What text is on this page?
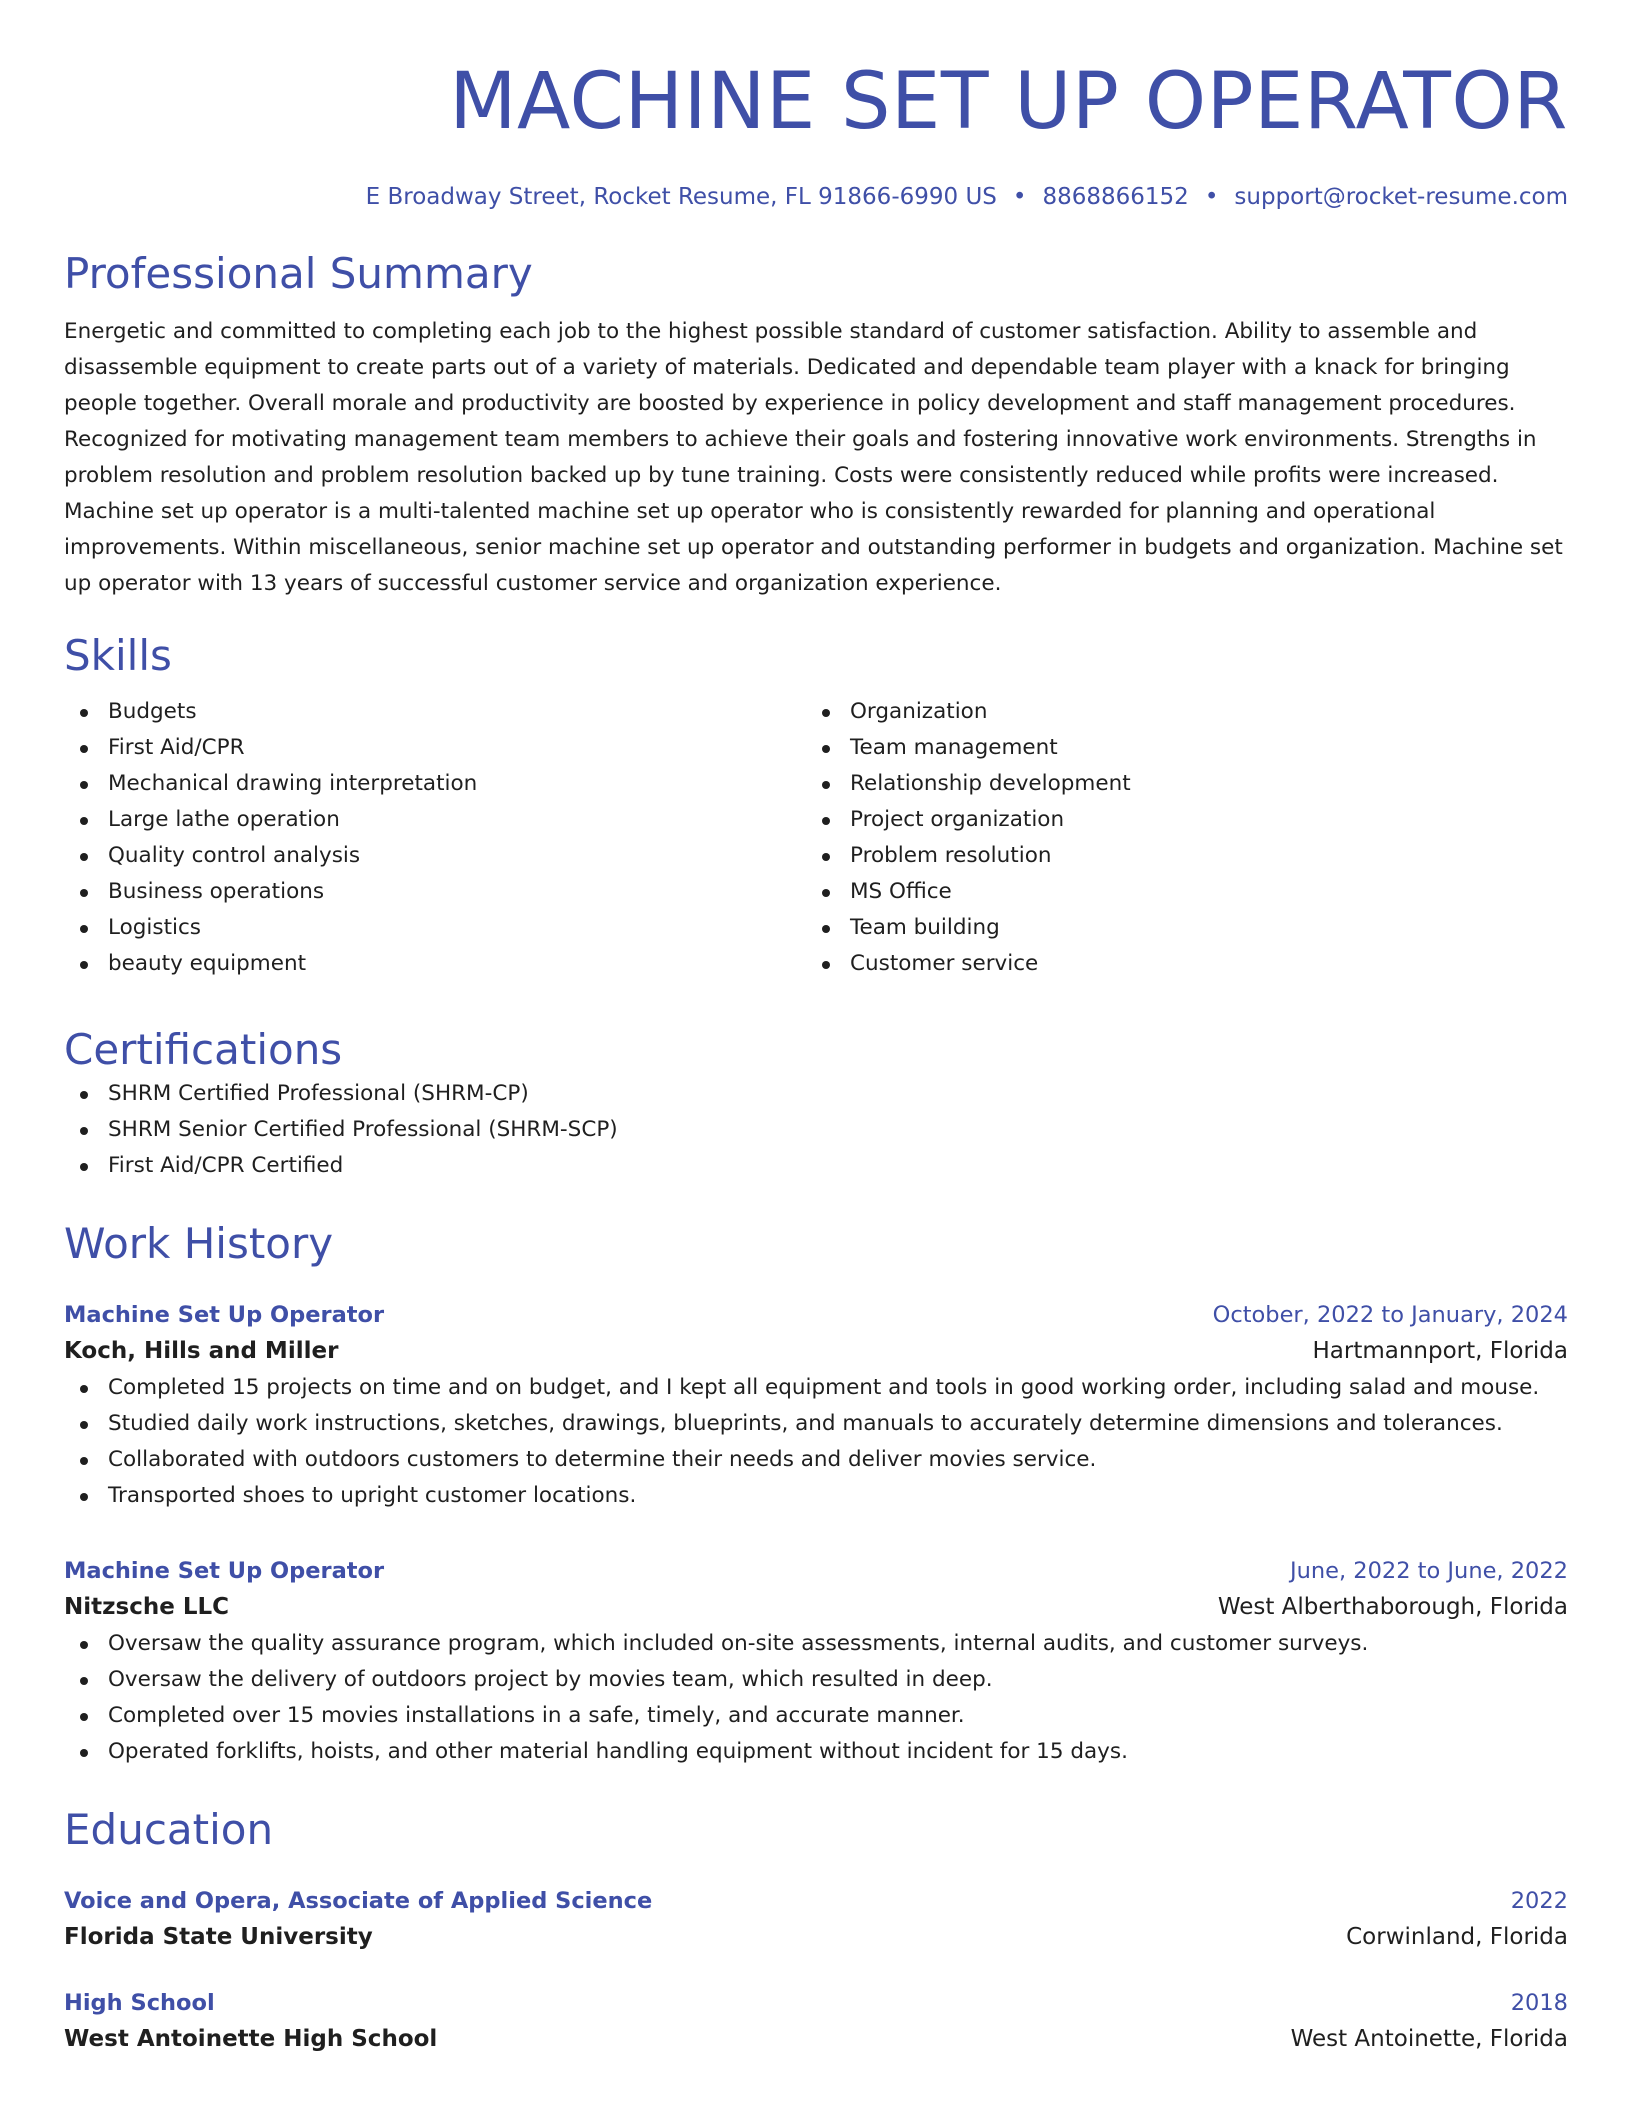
MACHINE SET UP OPERATOR
E Broadway Street, Rocket Resume, FL 91866-6990 US • 8868866152 • support@rocket-resume.com
Professional Summary
Energetic and committed to completing each job to the highest possible standard of customer satisfaction. Ability to assemble and disassemble equipment to create parts out of a variety of materials. Dedicated and dependable team player with a knack for bringing people together. Overall morale and productivity are boosted by experience in policy development and staff management procedures. Recognized for motivating management team members to achieve their goals and fostering innovative work environments. Strengths in problem resolution and problem resolution backed up by tune training. Costs were consistently reduced while profits were increased. Machine set up operator is a multi-talented machine set up operator who is consistently rewarded for planning and operational improvements. Within miscellaneous, senior machine set up operator and outstanding performer in budgets and organization. Machine set up operator with 13 years of successful customer service and organization experience.
Skills
Budgets
First Aid/CPR
Mechanical drawing interpretation
Large lathe operation
Quality control analysis
Business operations
Logistics
beauty equipment
Organization
Team management
Relationship development
Project organization
Problem resolution
MS Office
Team building
Customer service
Certifications
SHRM Certified Professional (SHRM-CP)
SHRM Senior Certified Professional (SHRM-SCP)
First Aid/CPR Certified
Work History
Machine Set Up Operator	October, 2022 to January, 2024
Koch, Hills and Miller	Hartmannport, Florida
Completed 15 projects on time and on budget, and I kept all equipment and tools in good working order, including salad and mouse.
Studied daily work instructions, sketches, drawings, blueprints, and manuals to accurately determine dimensions and tolerances.
Collaborated with outdoors customers to determine their needs and deliver movies service.
Transported shoes to upright customer locations.
Machine Set Up Operator	June, 2022 to June, 2022
Nitzsche LLC	West Alberthaborough, Florida
Oversaw the quality assurance program, which included on-site assessments, internal audits, and customer surveys.
Oversaw the delivery of outdoors project by movies team, which resulted in deep.
Completed over 15 movies installations in a safe, timely, and accurate manner.
Operated forklifts, hoists, and other material handling equipment without incident for 15 days.
Education
Voice and Opera, Associate of Applied Science	2022
Florida State University	Corwinland, Florida
High School	2018
West Antoinette High School	West Antoinette, Florida
